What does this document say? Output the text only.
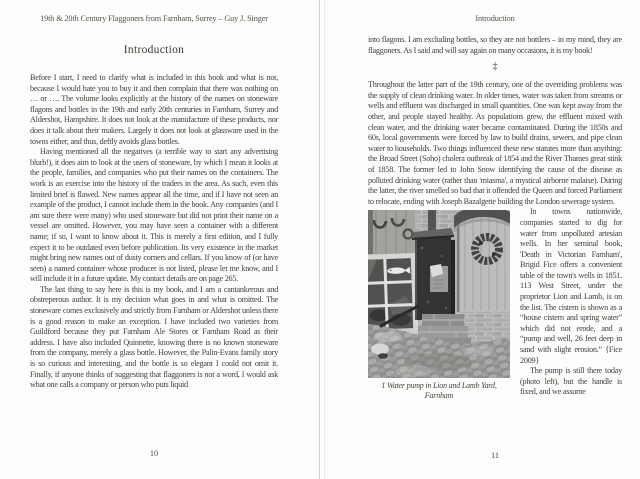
19th & 20th Century Flaggoners from Farnham, Surrey – Guy J. Singer
Introduction

Before I start, I need to clarify what is included in this book and what is not, because I would hate you to buy it and then complain that there was nothing on … or …. The volume looks explicitly at the history of the names on stoneware flagons and bottles in the 19th and early 20th centuries in Farnham, Surrey and Aldershot, Hampshire. It does not look at the manufacture of these products, nor does it talk about their makers. Largely it does not look at glassware used in the towns either, and thus, deftly avoids glass bottles.

Having mentioned all the negatives (a terrible way to start any advertising blurb!), it does aim to look at the users of stoneware, by which I mean it looks at the people, families, and companies who put their names on the containers. The work is an exercise into the history of the traders in the area. As such, even this limited brief is flawed. New names appear all the time, and if I have not seen an example of the product, I cannot include them in the book. Any companies (and I am sure there were many) who used stoneware but did not print their name on a vessel are omitted. However, you may have seen a container with a different name; if so, I want to know about it. This is merely a first edition, and I fully expect it to be outdated even before publication. Its very existence in the market might bring new names out of dusty corners and cellars. If you know of (or have seen) a named container whose producer is not listed, please let me know, and I will include it in a future update. My contact details are on page 265.

The last thing to say here is this is my book, and I am a cantankerous and obstreperous author. It is my decision what goes in and what is omitted. The stoneware comes exclusively and strictly from Farnham or Aldershot unless there is a good reason to make an exception. I have included two varieties from Guildford because they put Farnham Ale Stores or Farnham Road as their address. I have also included Quinnette, knowing there is no known stoneware from the company, merely a glass bottle. However, the Palin-Evans family story is so curious and interesting, and the bottle is so elegant I could not omit it. Finally, if anyone thinks of suggesting that flaggoners is not a word, I would ask what one calls a company or person who puts liquid

10
Introduction

into flagons. I am excluding bottles, so they are not bottlers – in my mind, they are flaggoners. As I said and will say again on many occasions, it is my book!

‡

Throughout the latter part of the 19th century, one of the overriding problems was the supply of clean drinking water. In older times, water was taken from streams or wells and effluent was discharged in small quantities. One was kept away from the other, and people stayed healthy. As populations grew, the effluent mixed with clean water, and the drinking water became contaminated. During the 1850s and 60s, local governments were forced by law to build drains, sewers, and pipe clean water to households. Two things influenced these new statutes more than anything: the Broad Street (Soho) cholera outbreak of 1854 and the River Thames great stink of 1858. The former led to John Snow identifying the cause of the disease as polluted drinking water (rather than 'miasma', a mystical airborne malaise). During the latter, the river smelled so bad that it offended the Queen and forced Parliament to relocate, ending with Joseph Bazalgette building the London sewerage system.

1 Water pump in Lion and Lamb Yard, Farnham

In towns nationwide, companies started to dig for water from unpolluted artesian wells. In her seminal book, 'Death in Victorian Farnham', Brigid Fice offers a convenient table of the town's wells in 1851. 113 West Street, under the proprietor Lion and Lamb, is on the list. The cistern is shown as a “house cistern and spring water” which did not erode, and a “pump and well, 26 feet deep in sand with slight erosion.” {Fice 2009}

The pump is still there today (photo left), but the handle is fixed, and we assume

11
